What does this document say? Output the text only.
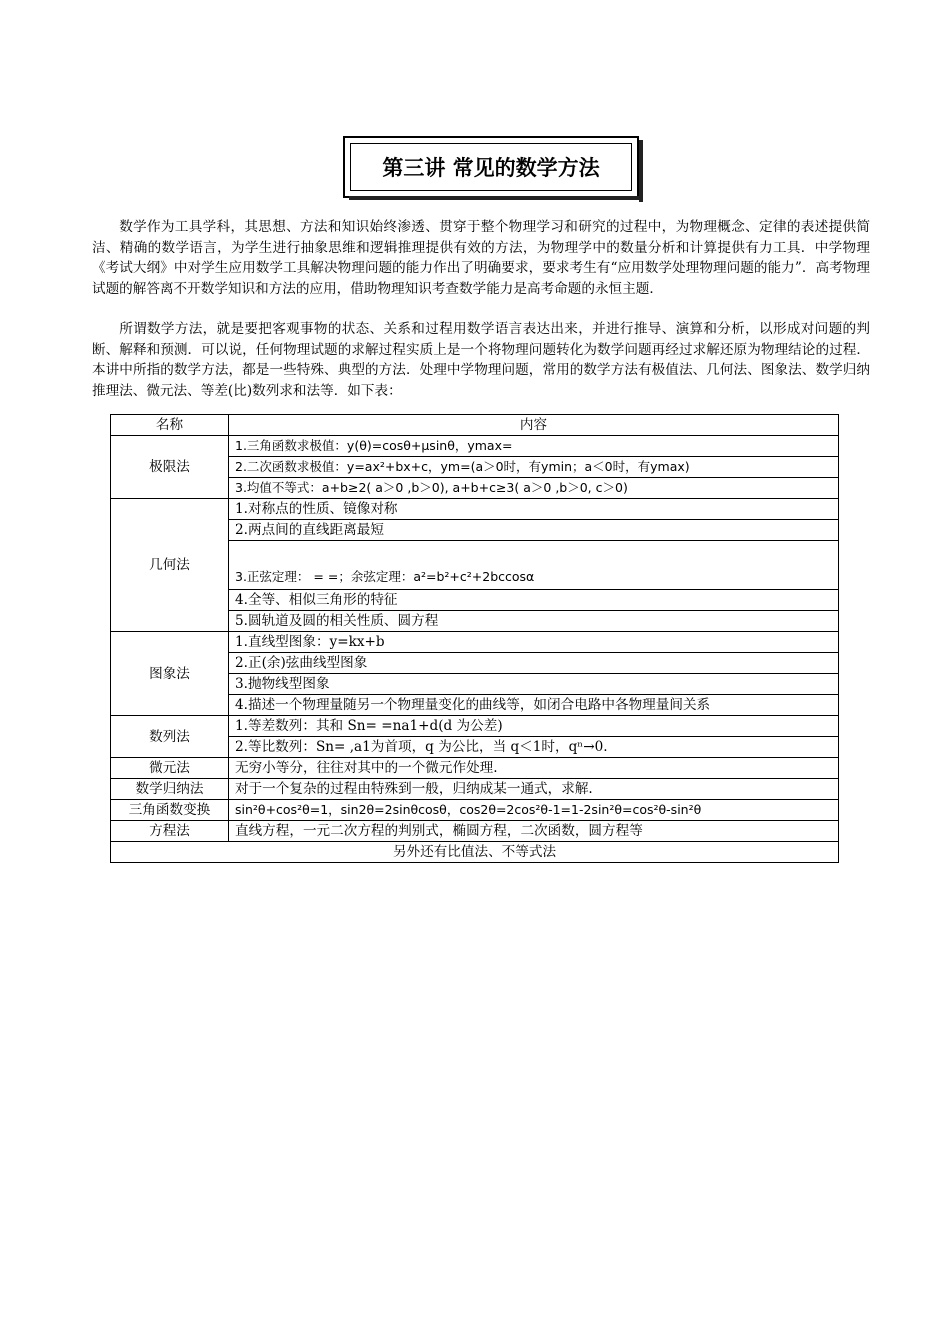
第三讲 常见的数学方法

数学作为工具学科，其思想、方法和知识始终渗透、贯穿于整个物理学习和研究的过程中，为物理概念、定律的表述提供简洁、精确的数学语言，为学生进行抽象思维和逻辑推理提供有效的方法，为物理学中的数量分析和计算提供有力工具．中学物理《考试大纲》中对学生应用数学工具解决物理问题的能力作出了明确要求，要求考生有“应用数学处理物理问题的能力”．高考物理试题的解答离不开数学知识和方法的应用，借助物理知识考查数学能力是高考命题的永恒主题．

所谓数学方法，就是要把客观事物的状态、关系和过程用数学语言表达出来，并进行推导、演算和分析，以形成对问题的判断、解释和预测．可以说，任何物理试题的求解过程实质上是一个将物理问题转化为数学问题再经过求解还原为物理结论的过程．本讲中所指的数学方法，都是一些特殊、典型的方法．处理中学物理问题，常用的数学方法有极值法、几何法、图象法、数学归纳推理法、微元法、等差(比)数列求和法等．如下表：

名称	内容
极限法	1.三角函数求极值：y(θ)=cosθ+μsinθ，ymax=
	2.二次函数求极值：y=ax²+bx+c，ym=(a＞0时，有ymin；a＜0时，有ymax)
	3.均值不等式：a+b≥2( a＞0 ,b＞0), a+b+c≥3( a＞0 ,b＞0, c＞0)
几何法	1.对称点的性质、镜像对称
	2.两点间的直线距离最短
	3.正弦定理： = =；余弦定理：a²=b²+c²+2bccosα
	4.全等、相似三角形的特征
	5.圆轨道及圆的相关性质、圆方程
图象法	1.直线型图象：y=kx+b
	2.正(余)弦曲线型图象
	3.抛物线型图象
	4.描述一个物理量随另一个物理量变化的曲线等，如闭合电路中各物理量间关系
数列法	1.等差数列：其和 Sn= =na1+d(d 为公差)
	2.等比数列：Sn= ,a1为首项，q 为公比，当 q＜1时，qⁿ→0.
微元法	无穷小等分，往往对其中的一个微元作处理.
数学归纳法	对于一个复杂的过程由特殊到一般，归纳成某一通式，求解.
三角函数变换	sin²θ+cos²θ=1，sin2θ=2sinθcosθ，cos2θ=2cos²θ-1=1-2sin²θ=cos²θ-sin²θ
方程法	直线方程，一元二次方程的判别式，椭圆方程，二次函数，圆方程等
另外还有比值法、不等式法	
